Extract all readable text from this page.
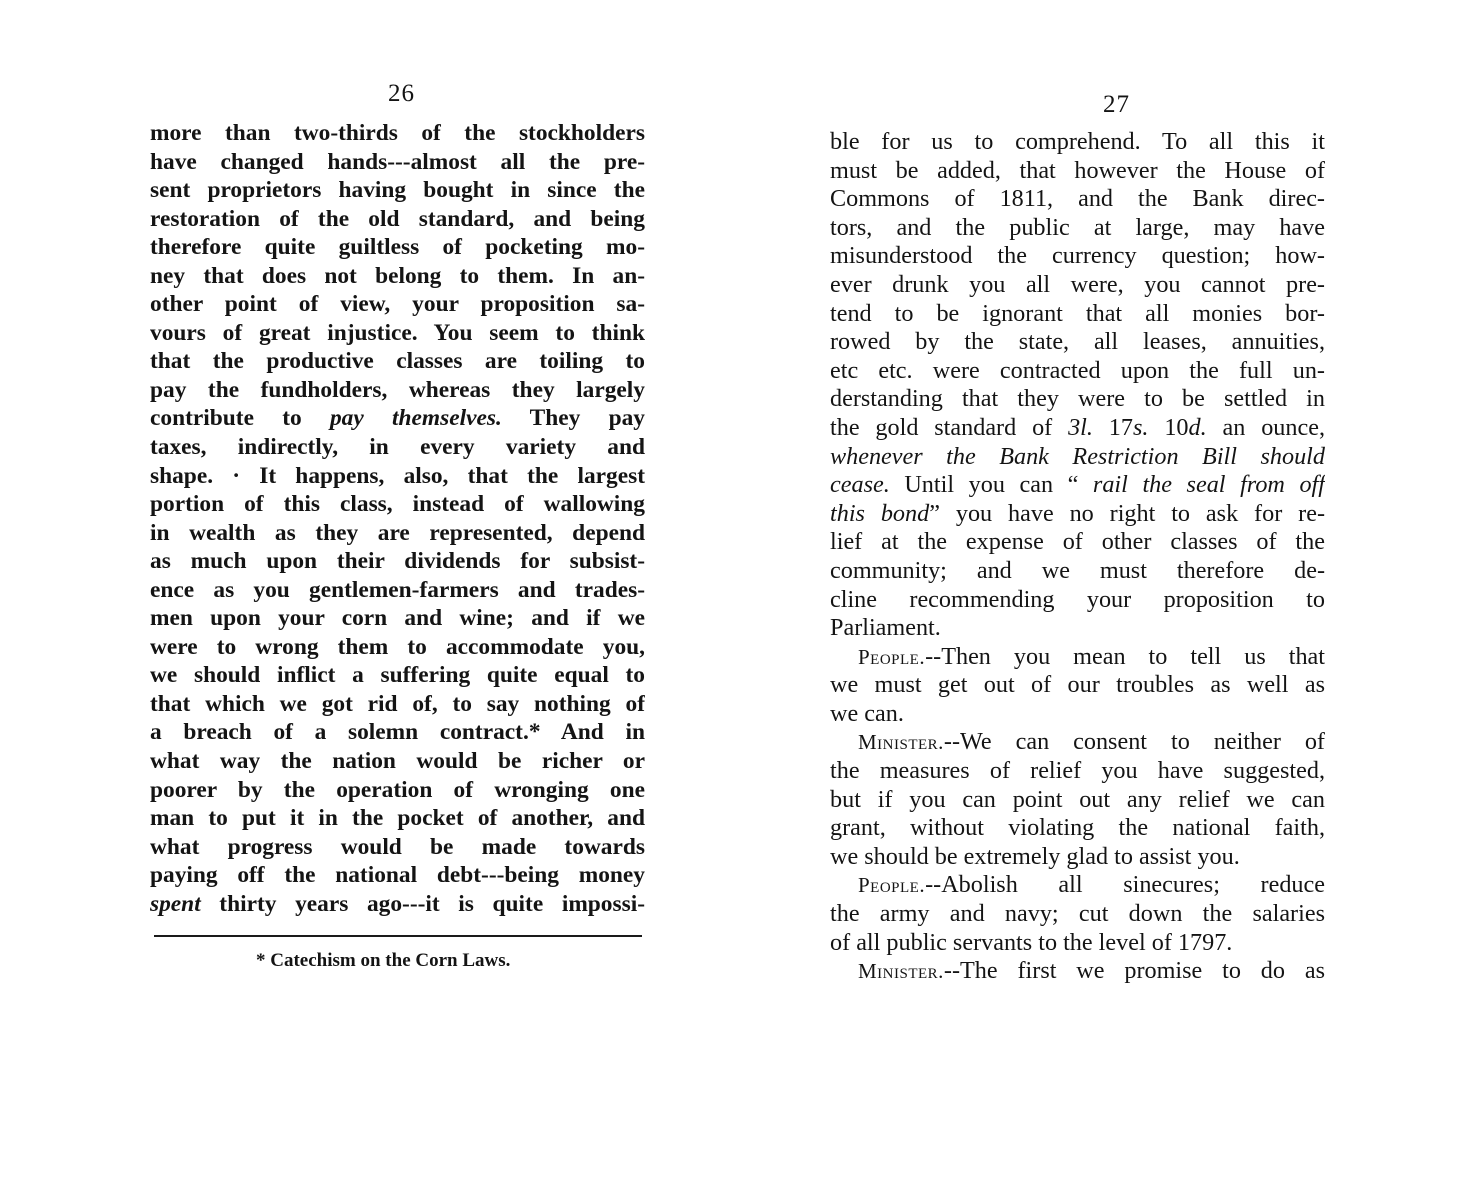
26
more than two-thirds of the stockholders
have changed hands---almost all the pre-
sent proprietors having bought in since the
restoration of the old standard, and being
therefore quite guiltless of pocketing mo-
ney that does not belong to them. In an-
other point of view, your proposition sa-
vours of great injustice. You seem to think
that the productive classes are toiling to
pay the fundholders, whereas they largely
contribute to pay themselves. They pay
taxes, indirectly, in every variety and
shape. · It happens, also, that the largest
portion of this class, instead of wallowing
in wealth as they are represented, depend
as much upon their dividends for subsist-
ence as you gentlemen-farmers and trades-
men upon your corn and wine; and if we
were to wrong them to accommodate you,
we should inflict a suffering quite equal to
that which we got rid of, to say nothing of
a breach of a solemn contract.* And in
what way the nation would be richer or
poorer by the operation of wronging one
man to put it in the pocket of another, and
what progress would be made towards
paying off the national debt---being money
spent thirty years ago---it is quite impossi-
* Catechism on the Corn Laws.
27
ble for us to comprehend. To all this it
must be added, that however the House of
Commons of 1811, and the Bank direc-
tors, and the public at large, may have
misunderstood the currency question; how-
ever drunk you all were, you cannot pre-
tend to be ignorant that all monies bor-
rowed by the state, all leases, annuities,
etc etc. were contracted upon the full un-
derstanding that they were to be settled in
the gold standard of 3l. 17s. 10d. an ounce,
whenever the Bank Restriction Bill should
cease. Until you can “ rail the seal from off
this bond” you have no right to ask for re-
lief at the expense of other classes of the
community; and we must therefore de-
cline recommending your proposition to
Parliament.
People.--Then you mean to tell us that
we must get out of our troubles as well as
we can.
Minister.--We can consent to neither of
the measures of relief you have suggested,
but if you can point out any relief we can
grant, without violating the national faith,
we should be extremely glad to assist you.
People.--Abolish all sinecures; reduce
the army and navy; cut down the salaries
of all public servants to the level of 1797.
Minister.--The first we promise to do as
